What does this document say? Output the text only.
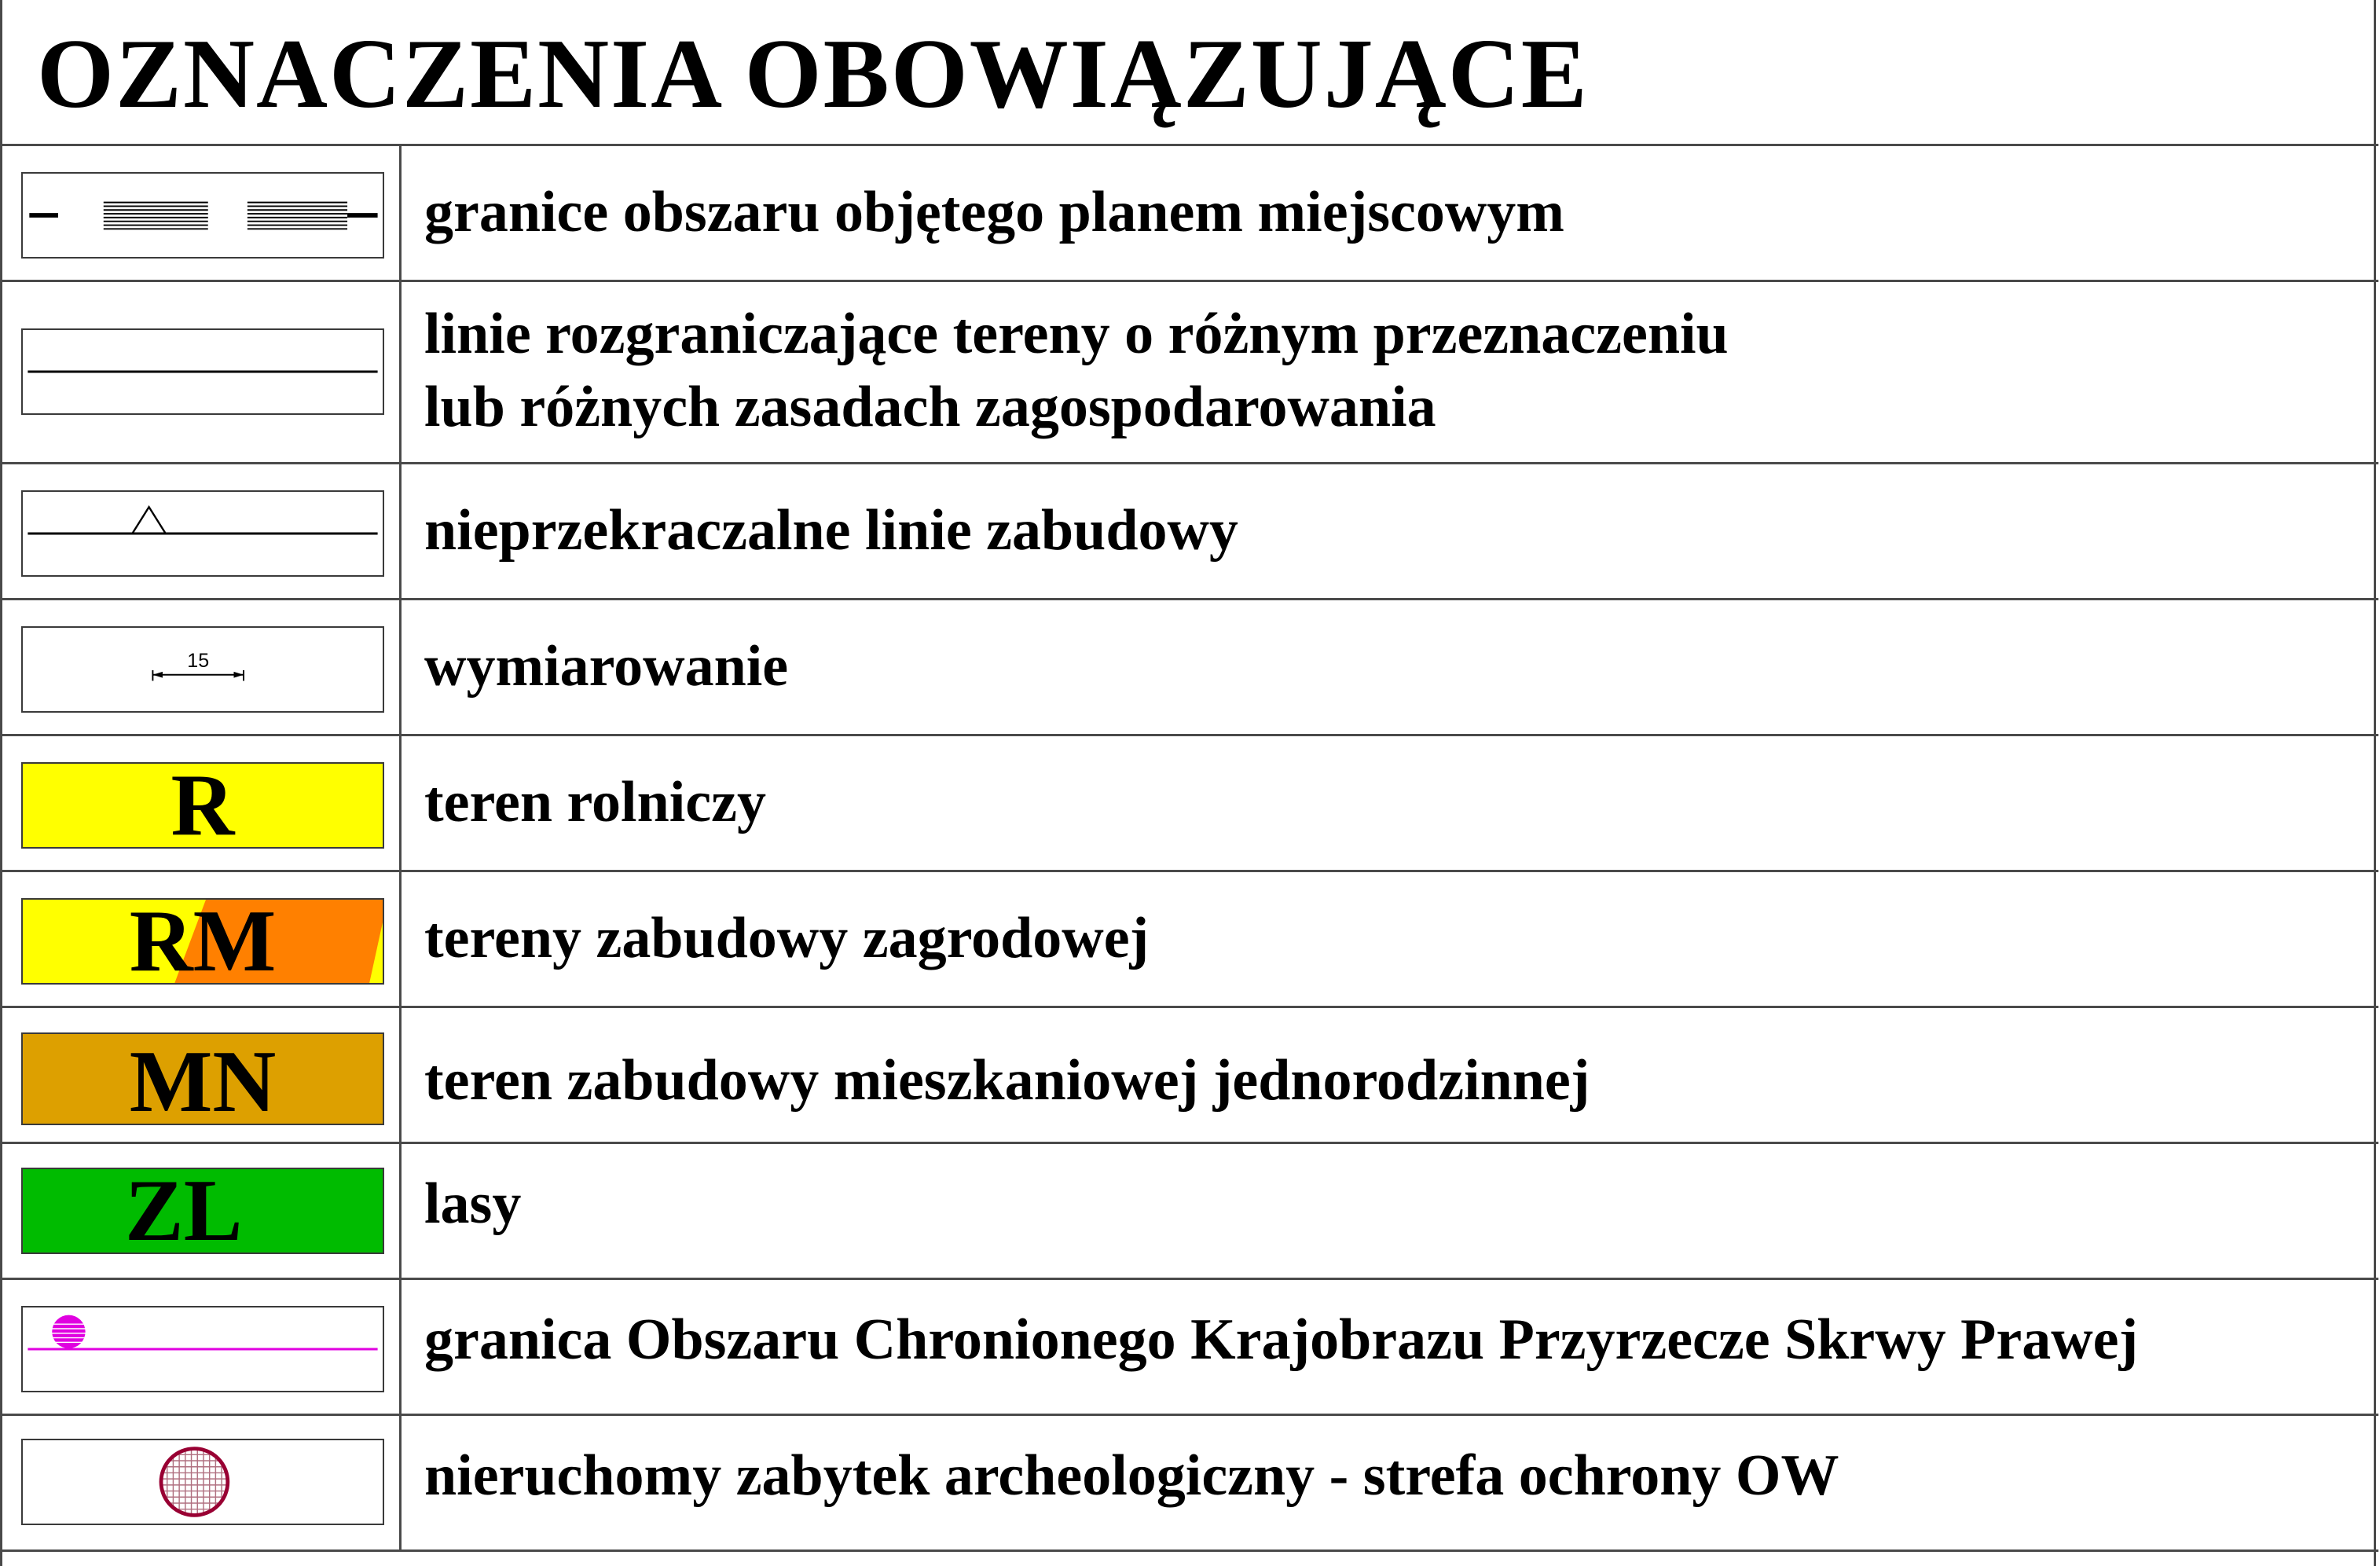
OZNACZENIA OBOWIĄZUJĄCE
granice obszaru objętego planem miejscowym
linie rozgraniczające tereny o różnym przeznaczeniu
lub różnych zasadach zagospodarowania
nieprzekraczalne linie zabudowy
15	wymiarowanie
R	teren rolniczy
RM	tereny zabudowy zagrodowej
MN	teren zabudowy mieszkaniowej jednorodzinnej
ZL	lasy
granica Obszaru Chronionego Krajobrazu Przyrzecze Skrwy Prawej
nieruchomy zabytek archeologiczny - strefa ochrony OW
